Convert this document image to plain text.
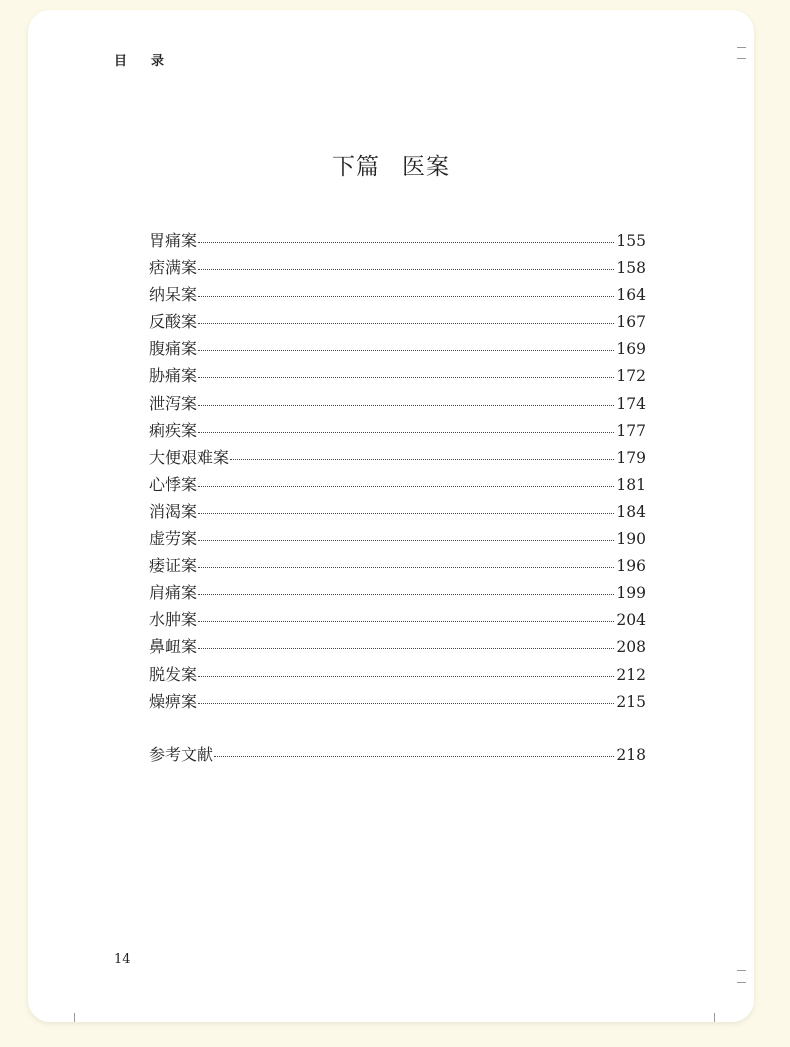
目 录
下篇 医案
胃痛案	155
痞满案	158
纳呆案	164
反酸案	167
腹痛案	169
胁痛案	172
泄泻案	174
痢疾案	177
大便艰难案	179
心悸案	181
消渴案	184
虚劳案	190
痿证案	196
肩痛案	199
水肿案	204
鼻衄案	208
脱发案	212
燥痹案	215
参考文献	218
14
